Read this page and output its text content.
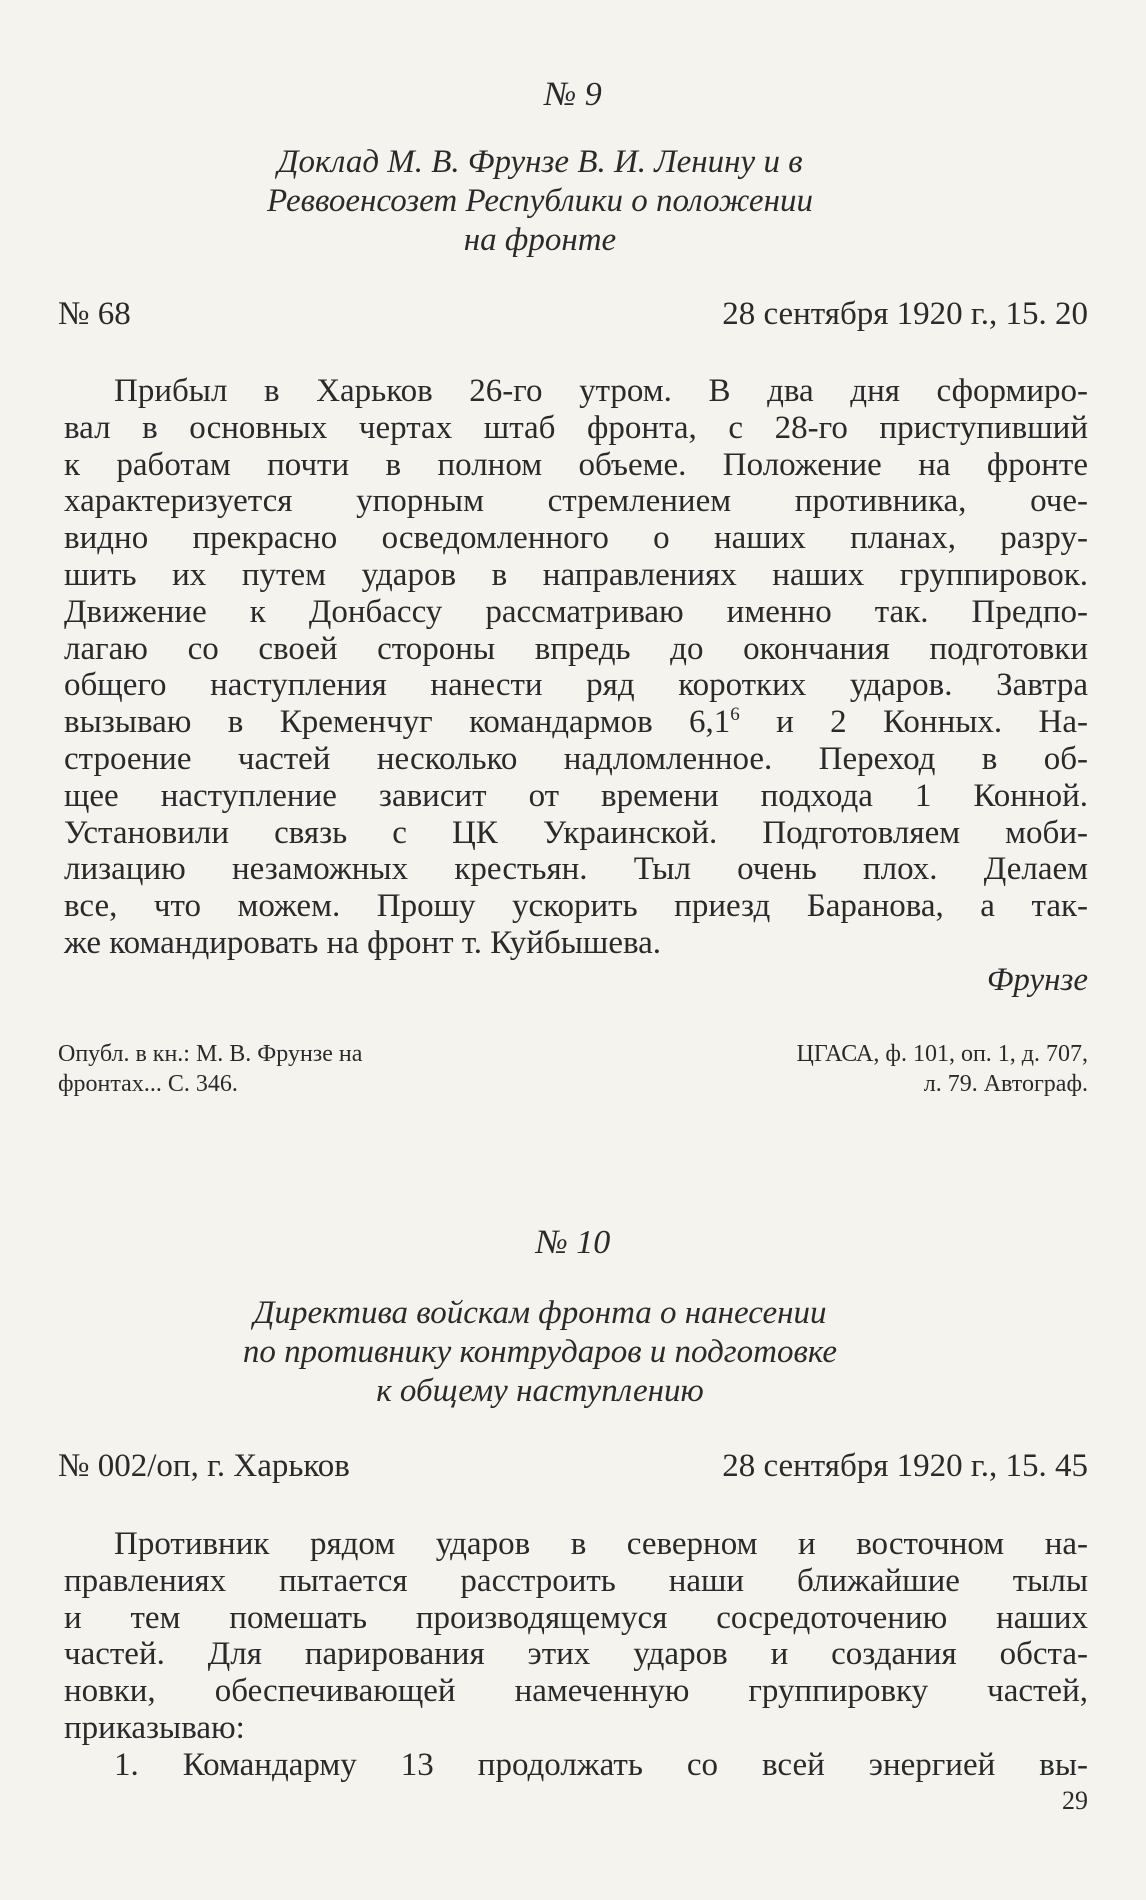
№ 9
Доклад М. В. Фрунзе В. И. Ленину и в
Реввоенсозет Республики о положении
на фронте
№ 68	28 сентября 1920 г., 15. 20
Прибыл в Харьков 26-го утром. В два дня сформиро-
вал в основных чертах штаб фронта, с 28-го приступивший
к работам почти в полном объеме. Положение на фронте
характеризуется упорным стремлением противника, оче-
видно прекрасно осведомленного о наших планах, разру-
шить их путем ударов в направлениях наших группировок.
Движение к Донбассу рассматриваю именно так. Предпо-
лагаю со своей стороны впредь до окончания подготовки
общего наступления нанести ряд коротких ударов. Завтра
вызываю в Кременчуг командармов $6,1^6$ и 2 Конных. На-
строение частей несколько надломленное. Переход в об-
щее наступление зависит от времени подхода 1 Конной.
Установили связь с ЦК Украинской. Подготовляем моби-
лизацию незаможных крестьян. Тыл очень плох. Делаем
все, что можем. Прошу ускорить приезд Баранова, а так-
же командировать на фронт т. Куйбышева.
Фрунзе
Опубл. в кн.: М. В. Фрунзе на
фронтах... С. 346.
ЦГАСА, ф. 101, оп. 1, д. 707,
л. 79. Автограф.
№ 10
Директива войскам фронта о нанесении
по противнику контрударов и подготовке
к общему наступлению
№ 002/оп, г. Харьков	28 сентября 1920 г., 15. 45
Противник рядом ударов в северном и восточном на-
правлениях пытается расстроить наши ближайшие тылы
и тем помешать производящемуся сосредоточению наших
частей. Для парирования этих ударов и создания обста-
новки, обеспечивающей намеченную группировку частей,
приказываю:
1. Командарму 13 продолжать со всей энергией вы-
29
